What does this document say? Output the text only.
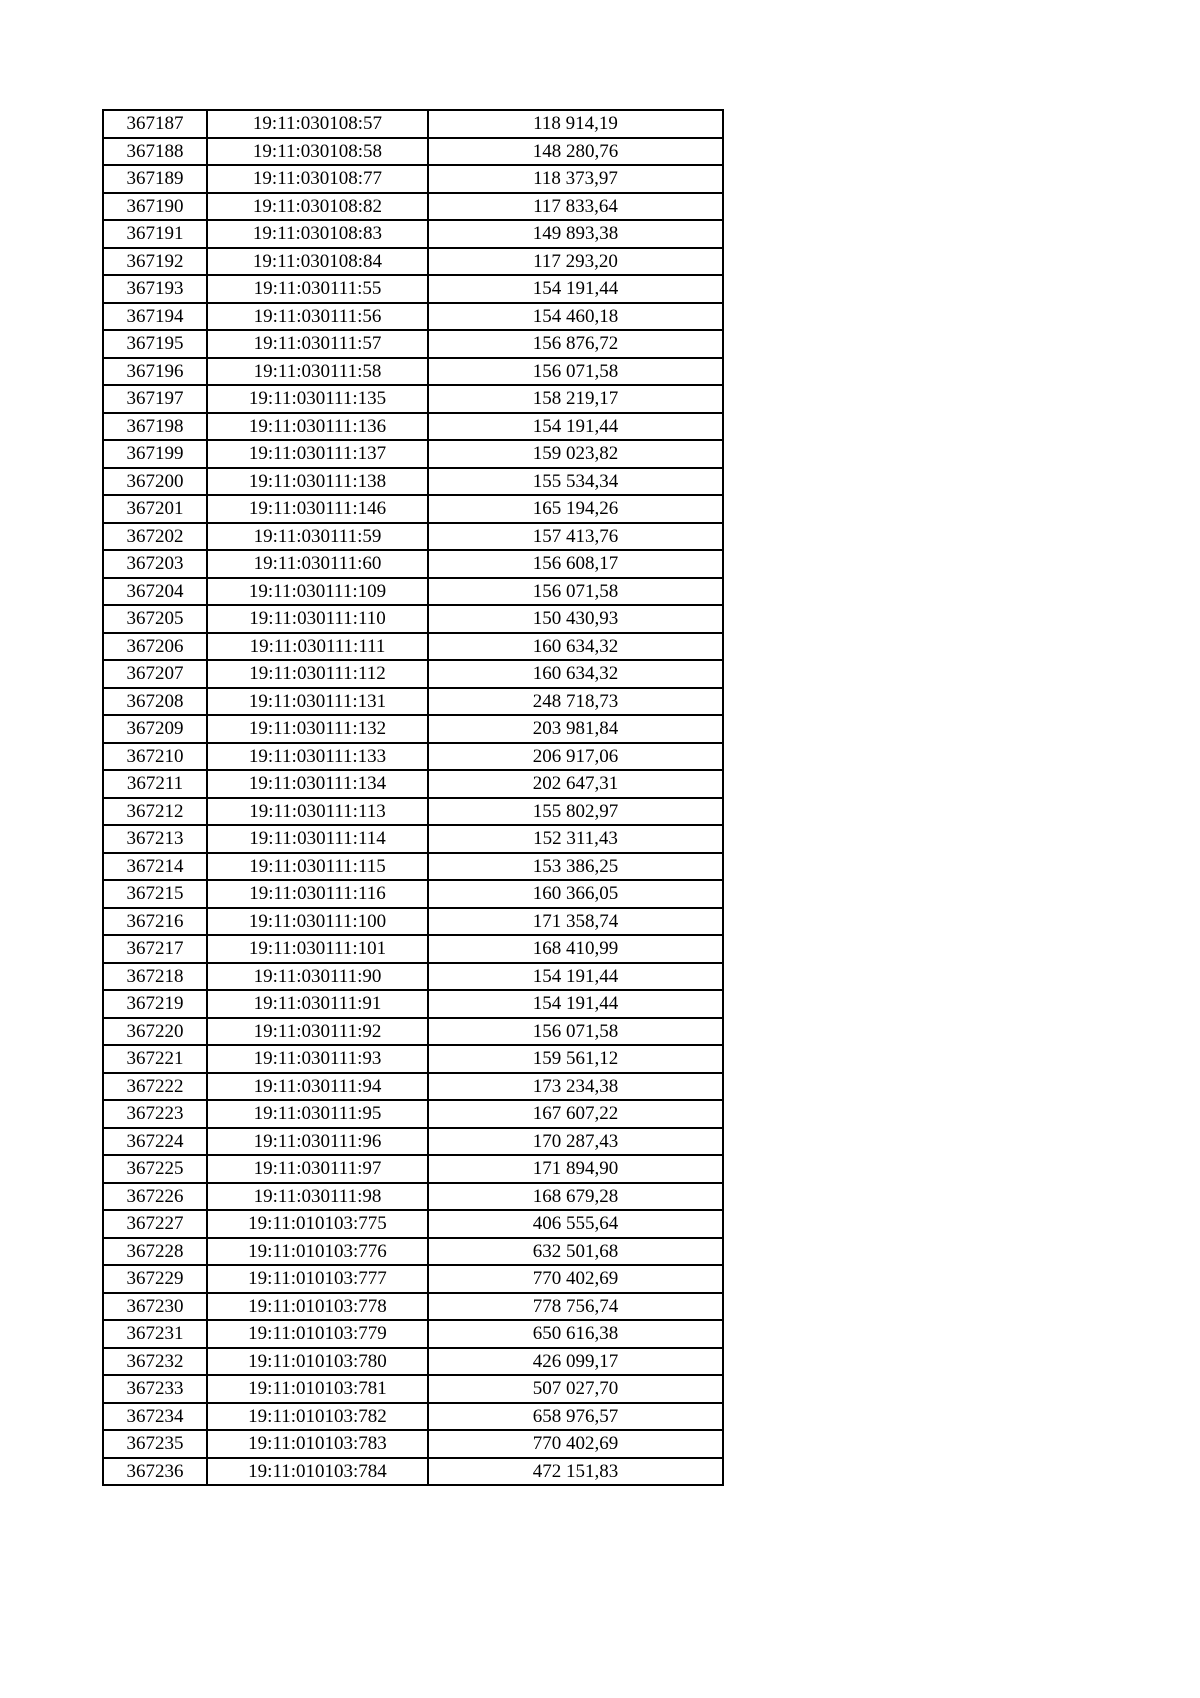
367187	19:11:030108:57	118 914,19
367188	19:11:030108:58	148 280,76
367189	19:11:030108:77	118 373,97
367190	19:11:030108:82	117 833,64
367191	19:11:030108:83	149 893,38
367192	19:11:030108:84	117 293,20
367193	19:11:030111:55	154 191,44
367194	19:11:030111:56	154 460,18
367195	19:11:030111:57	156 876,72
367196	19:11:030111:58	156 071,58
367197	19:11:030111:135	158 219,17
367198	19:11:030111:136	154 191,44
367199	19:11:030111:137	159 023,82
367200	19:11:030111:138	155 534,34
367201	19:11:030111:146	165 194,26
367202	19:11:030111:59	157 413,76
367203	19:11:030111:60	156 608,17
367204	19:11:030111:109	156 071,58
367205	19:11:030111:110	150 430,93
367206	19:11:030111:111	160 634,32
367207	19:11:030111:112	160 634,32
367208	19:11:030111:131	248 718,73
367209	19:11:030111:132	203 981,84
367210	19:11:030111:133	206 917,06
367211	19:11:030111:134	202 647,31
367212	19:11:030111:113	155 802,97
367213	19:11:030111:114	152 311,43
367214	19:11:030111:115	153 386,25
367215	19:11:030111:116	160 366,05
367216	19:11:030111:100	171 358,74
367217	19:11:030111:101	168 410,99
367218	19:11:030111:90	154 191,44
367219	19:11:030111:91	154 191,44
367220	19:11:030111:92	156 071,58
367221	19:11:030111:93	159 561,12
367222	19:11:030111:94	173 234,38
367223	19:11:030111:95	167 607,22
367224	19:11:030111:96	170 287,43
367225	19:11:030111:97	171 894,90
367226	19:11:030111:98	168 679,28
367227	19:11:010103:775	406 555,64
367228	19:11:010103:776	632 501,68
367229	19:11:010103:777	770 402,69
367230	19:11:010103:778	778 756,74
367231	19:11:010103:779	650 616,38
367232	19:11:010103:780	426 099,17
367233	19:11:010103:781	507 027,70
367234	19:11:010103:782	658 976,57
367235	19:11:010103:783	770 402,69
367236	19:11:010103:784	472 151,83
